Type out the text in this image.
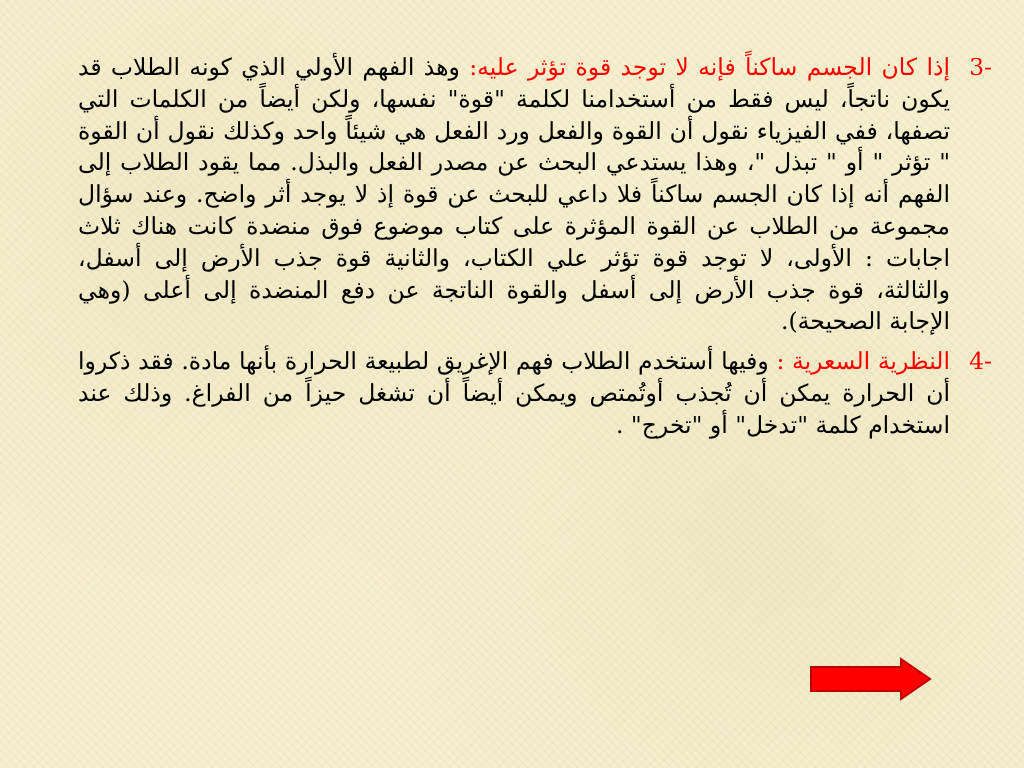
3-
إذا كان الجسم ساكناً فإنه لا توجد قوة تؤثر عليه: وهذ الفهم الأولي الذي كونه الطلاب قد يكون ناتجاً، ليس فقط من أستخدامنا لكلمة "قوة" نفسها، ولكن أيضاً من الكلمات التي تصفها، ففي الفيزياء نقول أن القوة والفعل ورد الفعل هي شيئاً واحد وكذلك نقول أن القوة " تؤثر " أو " تبذل "، وهذا يستدعي البحث عن مصدر الفعل والبذل. مما يقود الطلاب إلى الفهم أنه إذا كان الجسم ساكناً فلا داعي للبحث عن قوة إذ لا يوجد أثر واضح. وعند سؤال مجموعة من الطلاب عن القوة المؤثرة على كتاب موضوع فوق منضدة كانت هناك ثلاث اجابات : الأولى، لا توجد قوة تؤثر علي الكتاب، والثانية قوة جذب الأرض إلى أسفل، والثالثة، قوة جذب الأرض إلى أسفل والقوة الناتجة عن دفع المنضدة إلى أعلى (وهي الإجابة الصحيحة).

4-
النظرية السعرية : وفيها أستخدم الطلاب فهم الإغريق لطبيعة الحرارة بأنها مادة. فقد ذكروا أن الحرارة يمكن أن تُجذب أوتُمتص ويمكن أيضاً أن تشغل حيزاً من الفراغ. وذلك عند استخدام كلمة "تدخل" أو "تخرج" .
